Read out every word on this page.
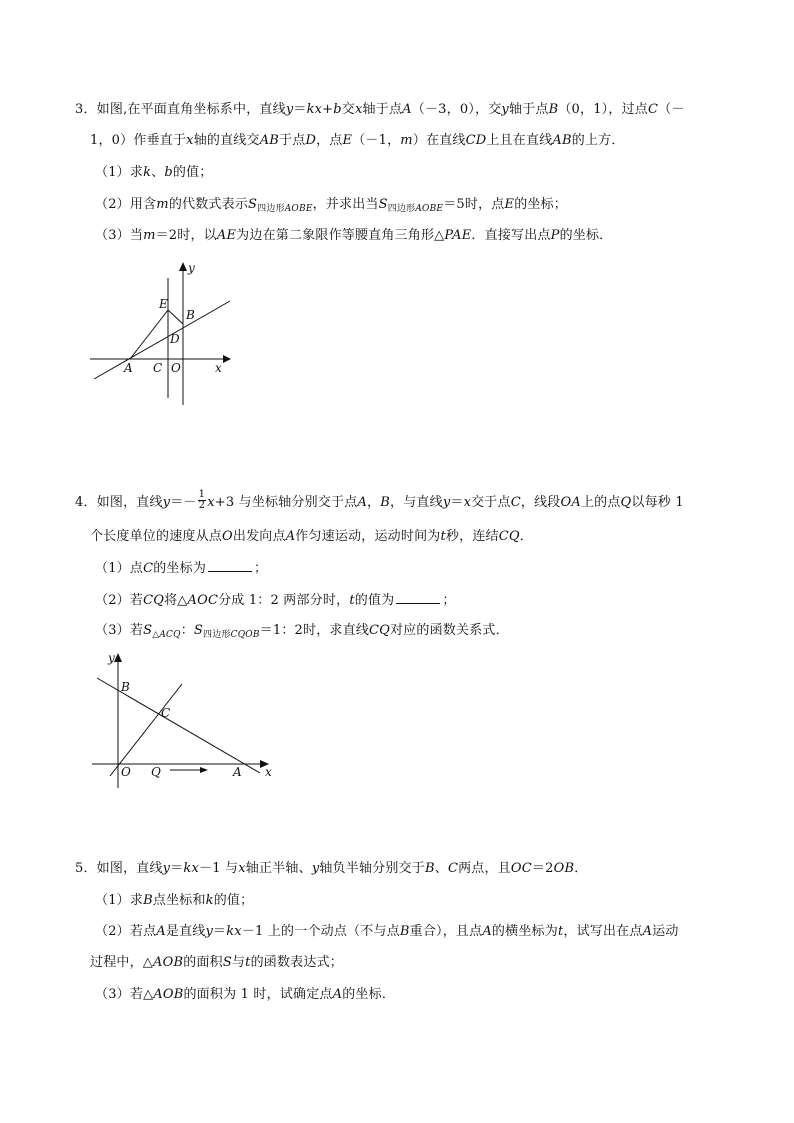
3．如图,在平面直角坐标系中，直线y＝kx+b交x轴于点A（－3，0），交y轴于点B（0，1），过点C（－
1，0）作垂直于x轴的直线交AB于点D，点E（－1，m）在直线CD上且在直线AB的上方．
（1）求k、b的值；
（2）用含m的代数式表示$S_{四边形AOBE}$，并求出当$S_{四边形AOBE}=5$时，点E的坐标；
（3）当m＝2时，以AE为边在第二象限作等腰直角三角形△PAE．直接写出点P的坐标．
y
E
B
D
A C O	x
4．如图，直线$y=- \frac{1}{2} x+3$ 与坐标轴分别交于点A，B，与直线y＝x交于点C，线段OA上的点Q以每秒 1
个长度单位的速度从点O出发向点A作匀速运动，运动时间为t秒，连结CQ．
（1）点C的坐标为	；
（2）若CQ将△AOC分成 1：2 两部分时，t的值为	；
（3）若$S_{\triangle ACQ}$：$S_{四边形CQOB}=1$：2时，求直线CQ对应的函数关系式．
y
B
C
O Q	A x
5．如图，直线y＝kx－1 与x轴正半轴、y轴负半轴分别交于B、C两点，且OC＝2OB．
（1）求B点坐标和k的值；
（2）若点A是直线y＝kx－1 上的一个动点（不与点B重合），且点A的横坐标为t，试写出在点A运动
过程中，△AOB的面积S与t的函数表达式；
（3）若△AOB的面积为 1 时，试确定点A的坐标．
